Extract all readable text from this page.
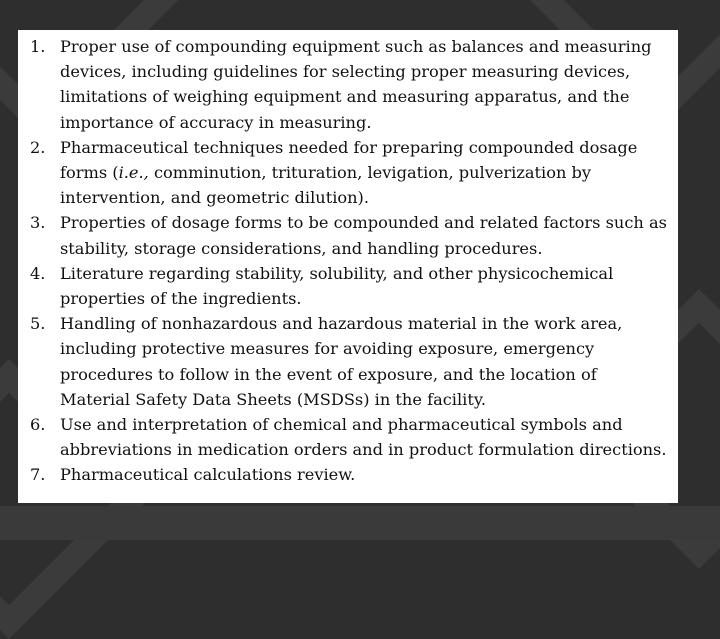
1. Proper use of compounding equipment such as balances and measuring devices, including guidelines for selecting proper measuring devices, limitations of weighing equipment and measuring apparatus, and the importance of accuracy in measuring.
2. Pharmaceutical techniques needed for preparing compounded dosage forms (i.e., comminution, trituration, levigation, pulverization by intervention, and geometric dilution).
3. Properties of dosage forms to be compounded and related factors such as stability, storage considerations, and handling procedures.
4. Literature regarding stability, solubility, and other physicochemical properties of the ingredients.
5. Handling of nonhazardous and hazardous material in the work area, including protective measures for avoiding exposure, emergency procedures to follow in the event of exposure, and the location of Material Safety Data Sheets (MSDSs) in the facility.
6. Use and interpretation of chemical and pharmaceutical symbols and abbreviations in medication orders and in product formulation directions.
7. Pharmaceutical calculations review.
